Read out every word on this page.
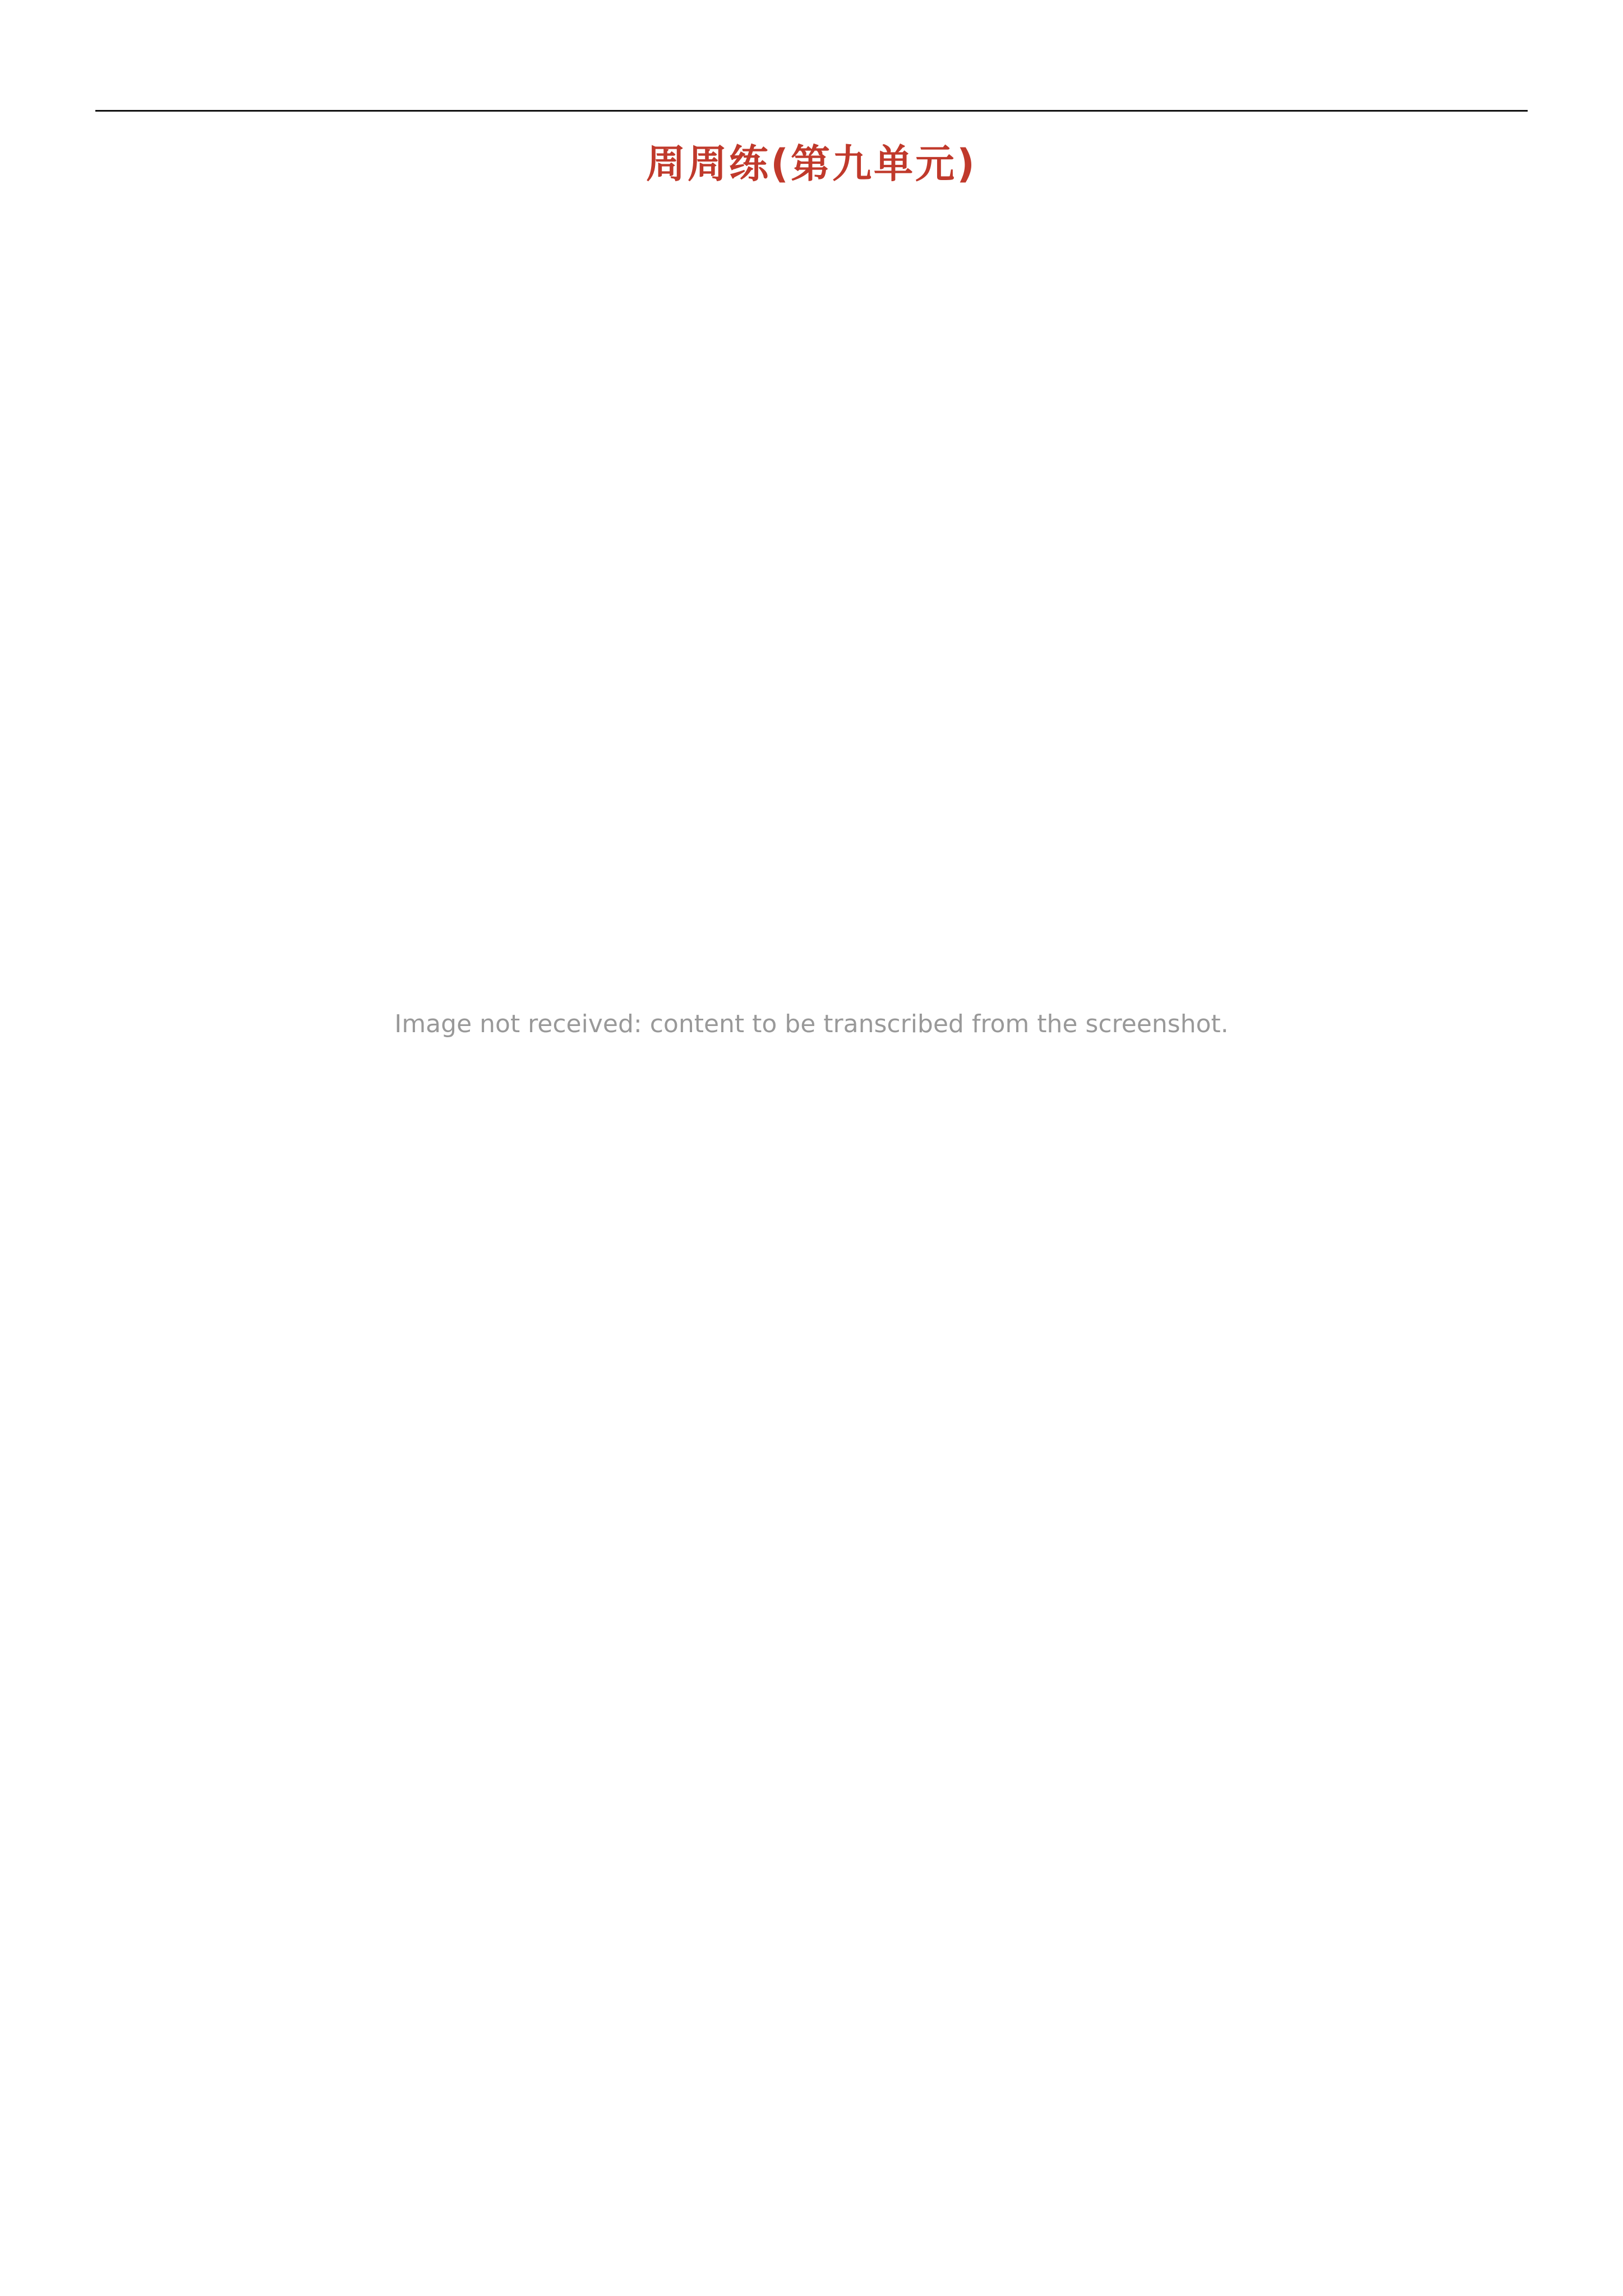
周周练(第九单元)

Image not received: content to be transcribed from the screenshot.
